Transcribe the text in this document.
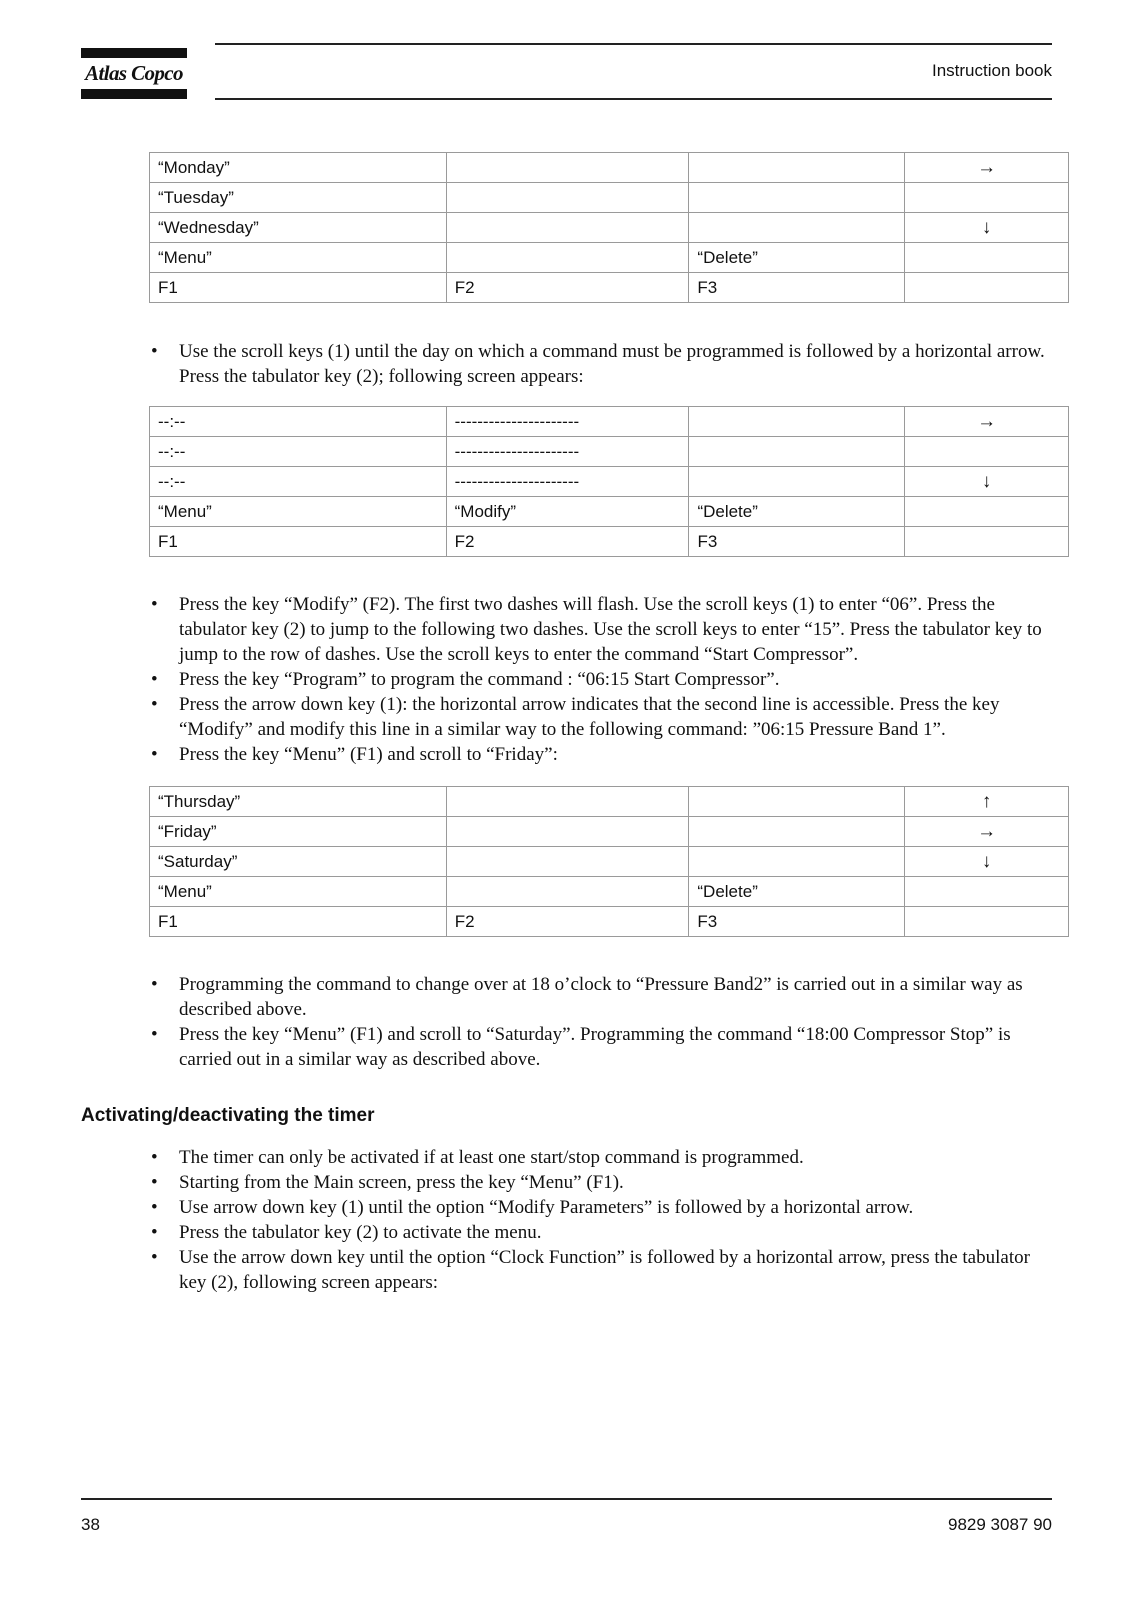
Atlas Copco	Instruction book
“Monday”			→
“Tuesday”			
“Wednesday”			↓
“Menu”		“Delete”	
F1	F2	F3	
• Use the scroll keys (1) until the day on which a command must be programmed is followed by a horizontal arrow. Press the tabulator key (2); following screen appears:
--:--	----------------------		→
--:--	----------------------		
--:--	----------------------		↓
“Menu”	“Modify”	“Delete”	
F1	F2	F3	
• Press the key “Modify” (F2). The first two dashes will flash. Use the scroll keys (1) to enter “06”. Press the tabulator key (2) to jump to the following two dashes. Use the scroll keys to enter “15”. Press the tabulator key to jump to the row of dashes. Use the scroll keys to enter the command “Start Compressor”.
• Press the key “Program” to program the command : “06:15 Start Compressor”.
• Press the arrow down key (1): the horizontal arrow indicates that the second line is accessible. Press the key “Modify” and modify this line in a similar way to the following command: ”06:15 Pressure Band 1”.
• Press the key “Menu” (F1) and scroll to “Friday”:
“Thursday”			↑
“Friday”			→
“Saturday”			↓
“Menu”		“Delete”	
F1	F2	F3	
• Programming the command to change over at 18 o’clock to “Pressure Band2” is carried out in a similar way as described above.
• Press the key “Menu” (F1) and scroll to “Saturday”. Programming the command “18:00 Compressor Stop” is carried out in a similar way as described above.
Activating/deactivating the timer
• The timer can only be activated if at least one start/stop command is programmed.
• Starting from the Main screen, press the key “Menu” (F1).
• Use arrow down key (1) until the option “Modify Parameters” is followed by a horizontal arrow.
• Press the tabulator key (2) to activate the menu.
• Use the arrow down key until the option “Clock Function” is followed by a horizontal arrow, press the tabulator key (2), following screen appears:
38	9829 3087 90
